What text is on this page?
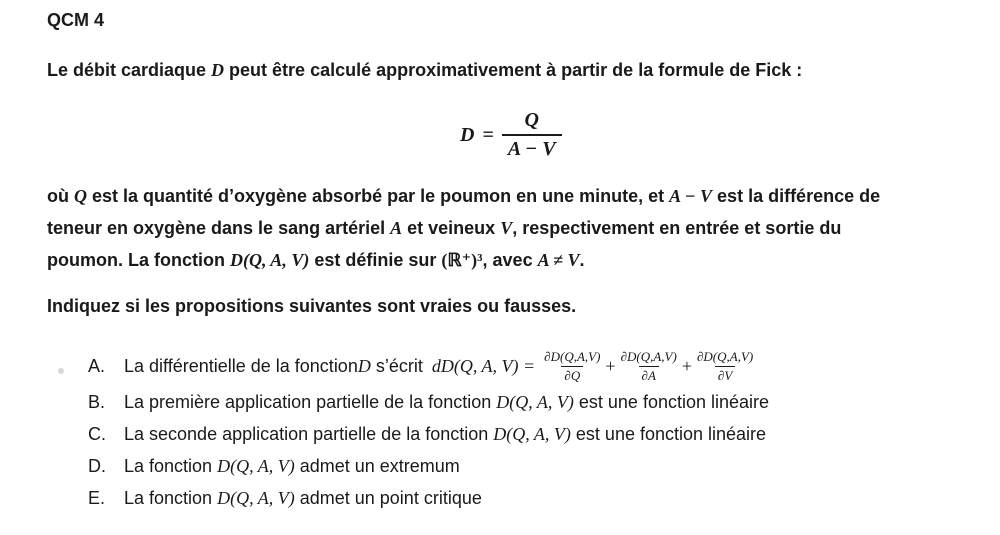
QCM 4
Le débit cardiaque D peut être calculé approximativement à partir de la formule de Fick :
$D = \frac{Q}{A - V}$

où Q est la quantité d’oxygène absorbé par le poumon en une minute, et A − V est la différence de

teneur en oxygène dans le sang artériel A et veineux V, respectivement en entrée et sortie du

poumon. La fonction D(Q, A, V) est définie sur (ℝ⁺)³, avec A ≠ V.

Indiquez si les propositions suivantes sont vraies ou fausses.
A.	La différentielle de la fonction D s’écrit dD(Q, A, $V) = \frac{\partial D(Q,A,V)}{\partial Q} + \frac{\partial D(Q,A,V)}{\partial A} + \frac{\partial D(Q,A,V)}{\partial V}$
B.	La première application partielle de la fonction D(Q, A, V) est une fonction linéaire
C.	La seconde application partielle de la fonction D(Q, A, V) est une fonction linéaire
D.	La fonction D(Q, A, V) admet un extremum
E.	La fonction D(Q, A, V) admet un point critique
